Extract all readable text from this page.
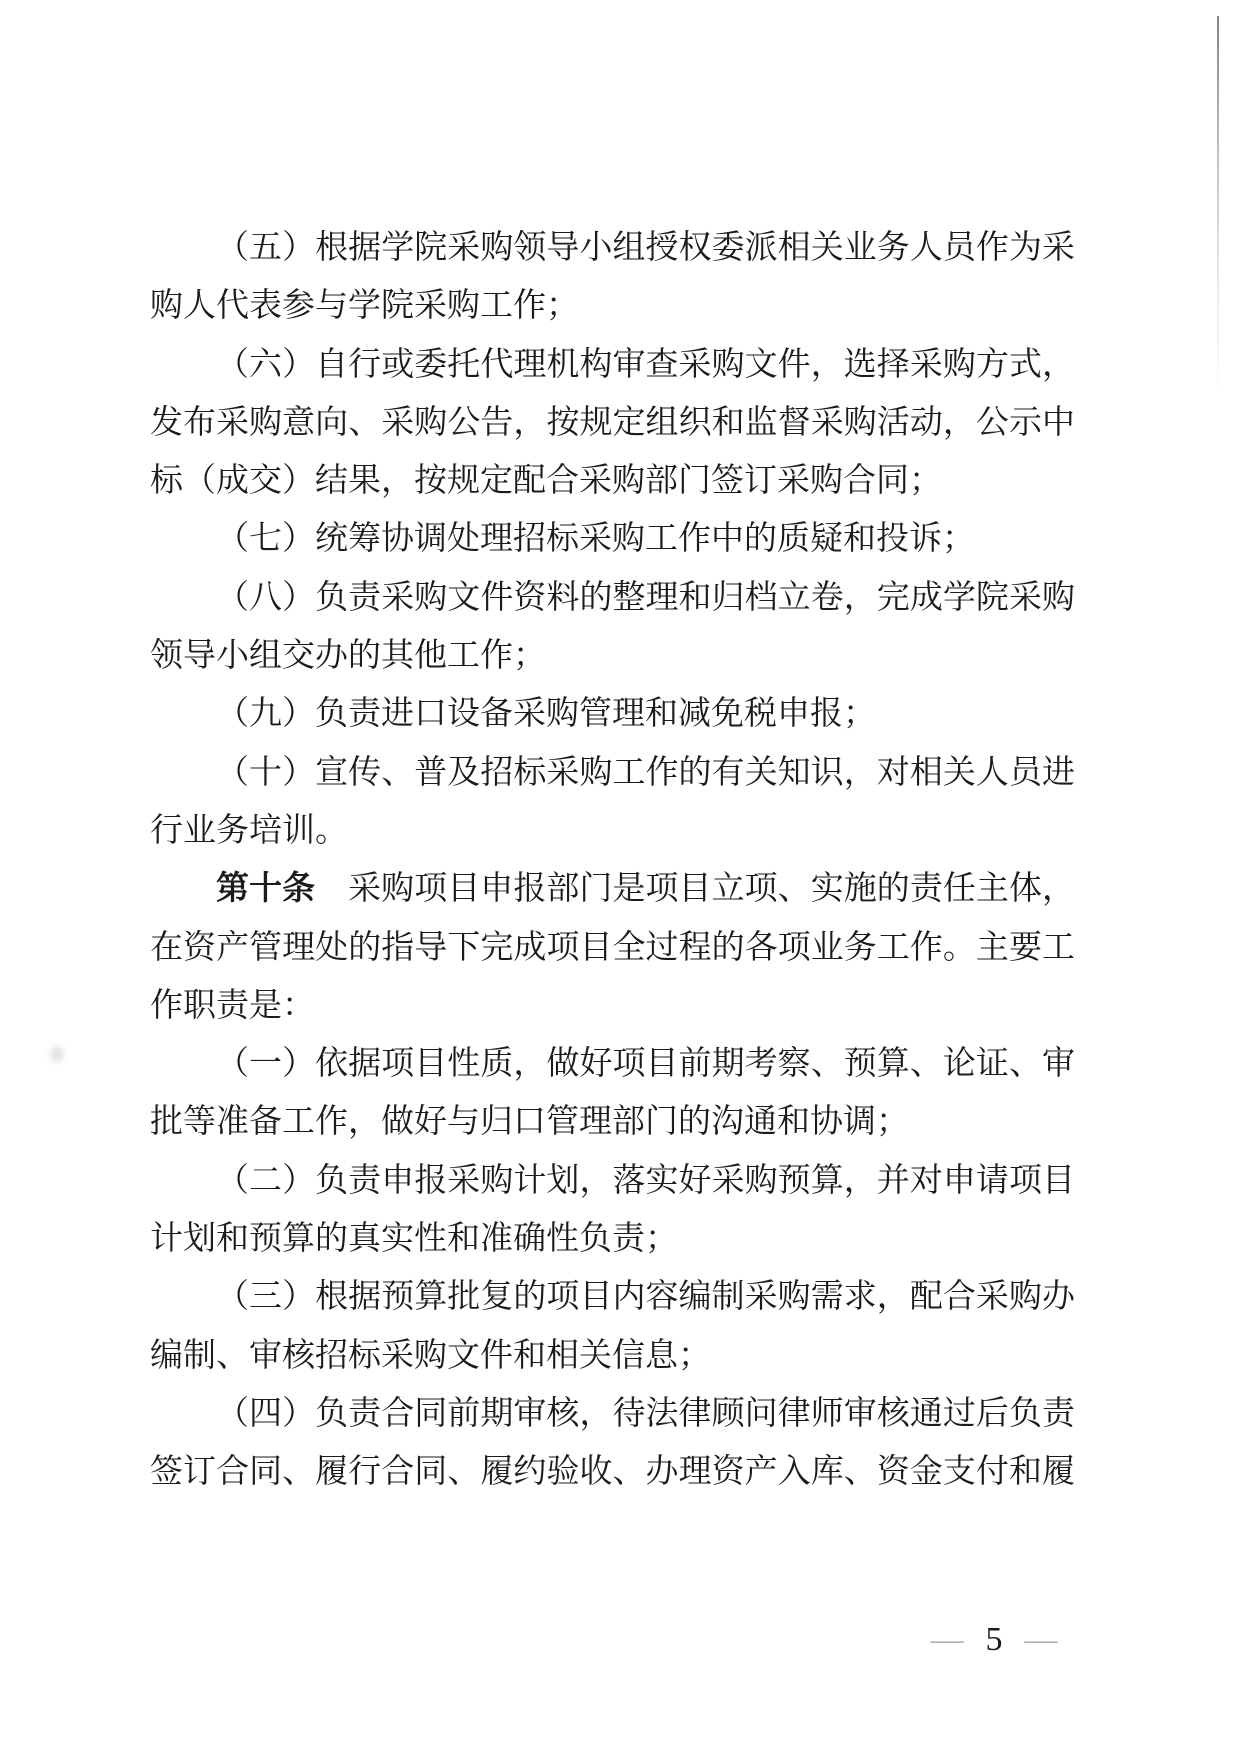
（五）根据学院采购领导小组授权委派相关业务人员作为采
购人代表参与学院采购工作；
（六）自行或委托代理机构审查采购文件，选择采购方式，
发布采购意向、采购公告，按规定组织和监督采购活动，公示中
标（成交）结果，按规定配合采购部门签订采购合同；
（七）统筹协调处理招标采购工作中的质疑和投诉；
（八）负责采购文件资料的整理和归档立卷，完成学院采购
领导小组交办的其他工作；
（九）负责进口设备采购管理和减免税申报；
（十）宣传、普及招标采购工作的有关知识，对相关人员进
行业务培训。
第十条 采购项目申报部门是项目立项、实施的责任主体，
在资产管理处的指导下完成项目全过程的各项业务工作。主要工
作职责是：
（一）依据项目性质，做好项目前期考察、预算、论证、审
批等准备工作，做好与归口管理部门的沟通和协调；
（二）负责申报采购计划，落实好采购预算，并对申请项目
计划和预算的真实性和准确性负责；
（三）根据预算批复的项目内容编制采购需求，配合采购办
编制、审核招标采购文件和相关信息；
（四）负责合同前期审核，待法律顾问律师审核通过后负责
签订合同、履行合同、履约验收、办理资产入库、资金支付和履
— 5 —
